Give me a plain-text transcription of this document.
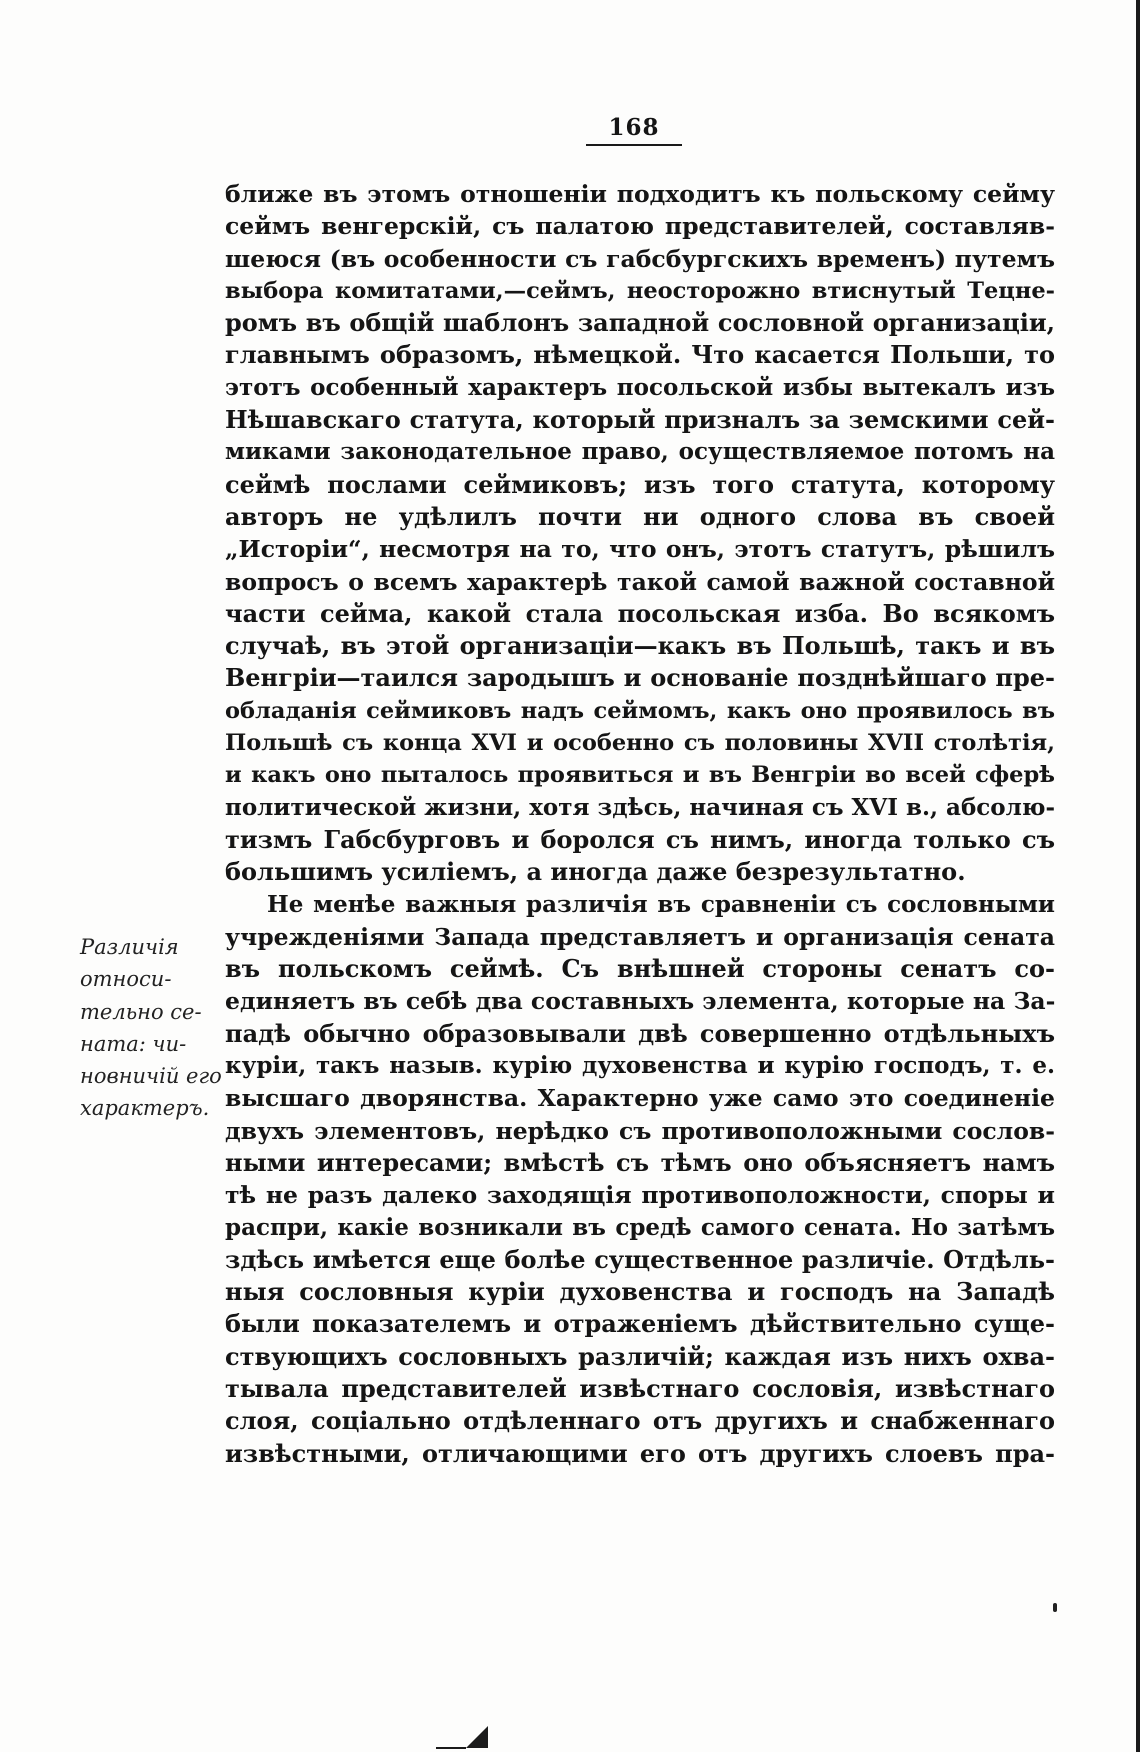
168
Различія
относи-
тельно се-
ната: чи-
новничій его
характеръ.
ближе въ этомъ отношеніи подходитъ къ польскому сейму
сеймъ венгерскій, съ палатою представителей, составляв-
шеюся (въ особенности съ габсбургскихъ временъ) путемъ
выбора комитатами,—сеймъ, неосторожно втиснутый Тецне-
ромъ въ общій шаблонъ западной сословной организаціи,
главнымъ образомъ, нѣмецкой. Что касается Польши, то
этотъ особенный характеръ посольской избы вытекалъ изъ
Нѣшавскаго статута, который призналъ за земскими сей-
миками законодательное право, осуществляемое потомъ на
сеймѣ послами сеймиковъ; изъ того статута, которому
авторъ не удѣлилъ почти ни одного слова въ своей
„Исторіи“, несмотря на то, что онъ, этотъ статутъ, рѣшилъ
вопросъ о всемъ характерѣ такой самой важной составной
части сейма, какой стала посольская изба. Во всякомъ
случаѣ, въ этой организаціи—какъ въ Польшѣ, такъ и въ
Венгріи—таился зародышъ и основаніе позднѣйшаго пре-
обладанія сеймиковъ надъ сеймомъ, какъ оно проявилось въ
Польшѣ съ конца XVI и особенно съ половины XVII столѣтія,
и какъ оно пыталось проявиться и въ Венгріи во всей сферѣ
политической жизни, хотя здѣсь, начиная съ XVI в., абсолю-
тизмъ Габсбурговъ и боролся съ нимъ, иногда только съ
большимъ усиліемъ, а иногда даже безрезультатно.
Не менѣе важныя различія въ сравненіи съ сословными
учрежденіями Запада представляетъ и организація сената
въ польскомъ сеймѣ. Съ внѣшней стороны сенатъ со-
единяетъ въ себѣ два составныхъ элемента, которые на За-
падѣ обычно образовывали двѣ совершенно отдѣльныхъ
куріи, такъ назыв. курію духовенства и курію господъ, т. е.
высшаго дворянства. Характерно уже само это соединеніе
двухъ элементовъ, нерѣдко съ противоположными сослов-
ными интересами; вмѣстѣ съ тѣмъ оно объясняетъ намъ
тѣ не разъ далеко заходящія противоположности, споры и
распри, какіе возникали въ средѣ самого сената. Но затѣмъ
здѣсь имѣется еще болѣе существенное различіе. Отдѣль-
ныя сословныя куріи духовенства и господъ на Западѣ
были показателемъ и отраженіемъ дѣйствительно суще-
ствующихъ сословныхъ различій; каждая изъ нихъ охва-
тывала представителей извѣстнаго сословія, извѣстнаго
слоя, соціально отдѣленнаго отъ другихъ и снабженнаго
извѣстными, отличающими его отъ другихъ слоевъ пра-
